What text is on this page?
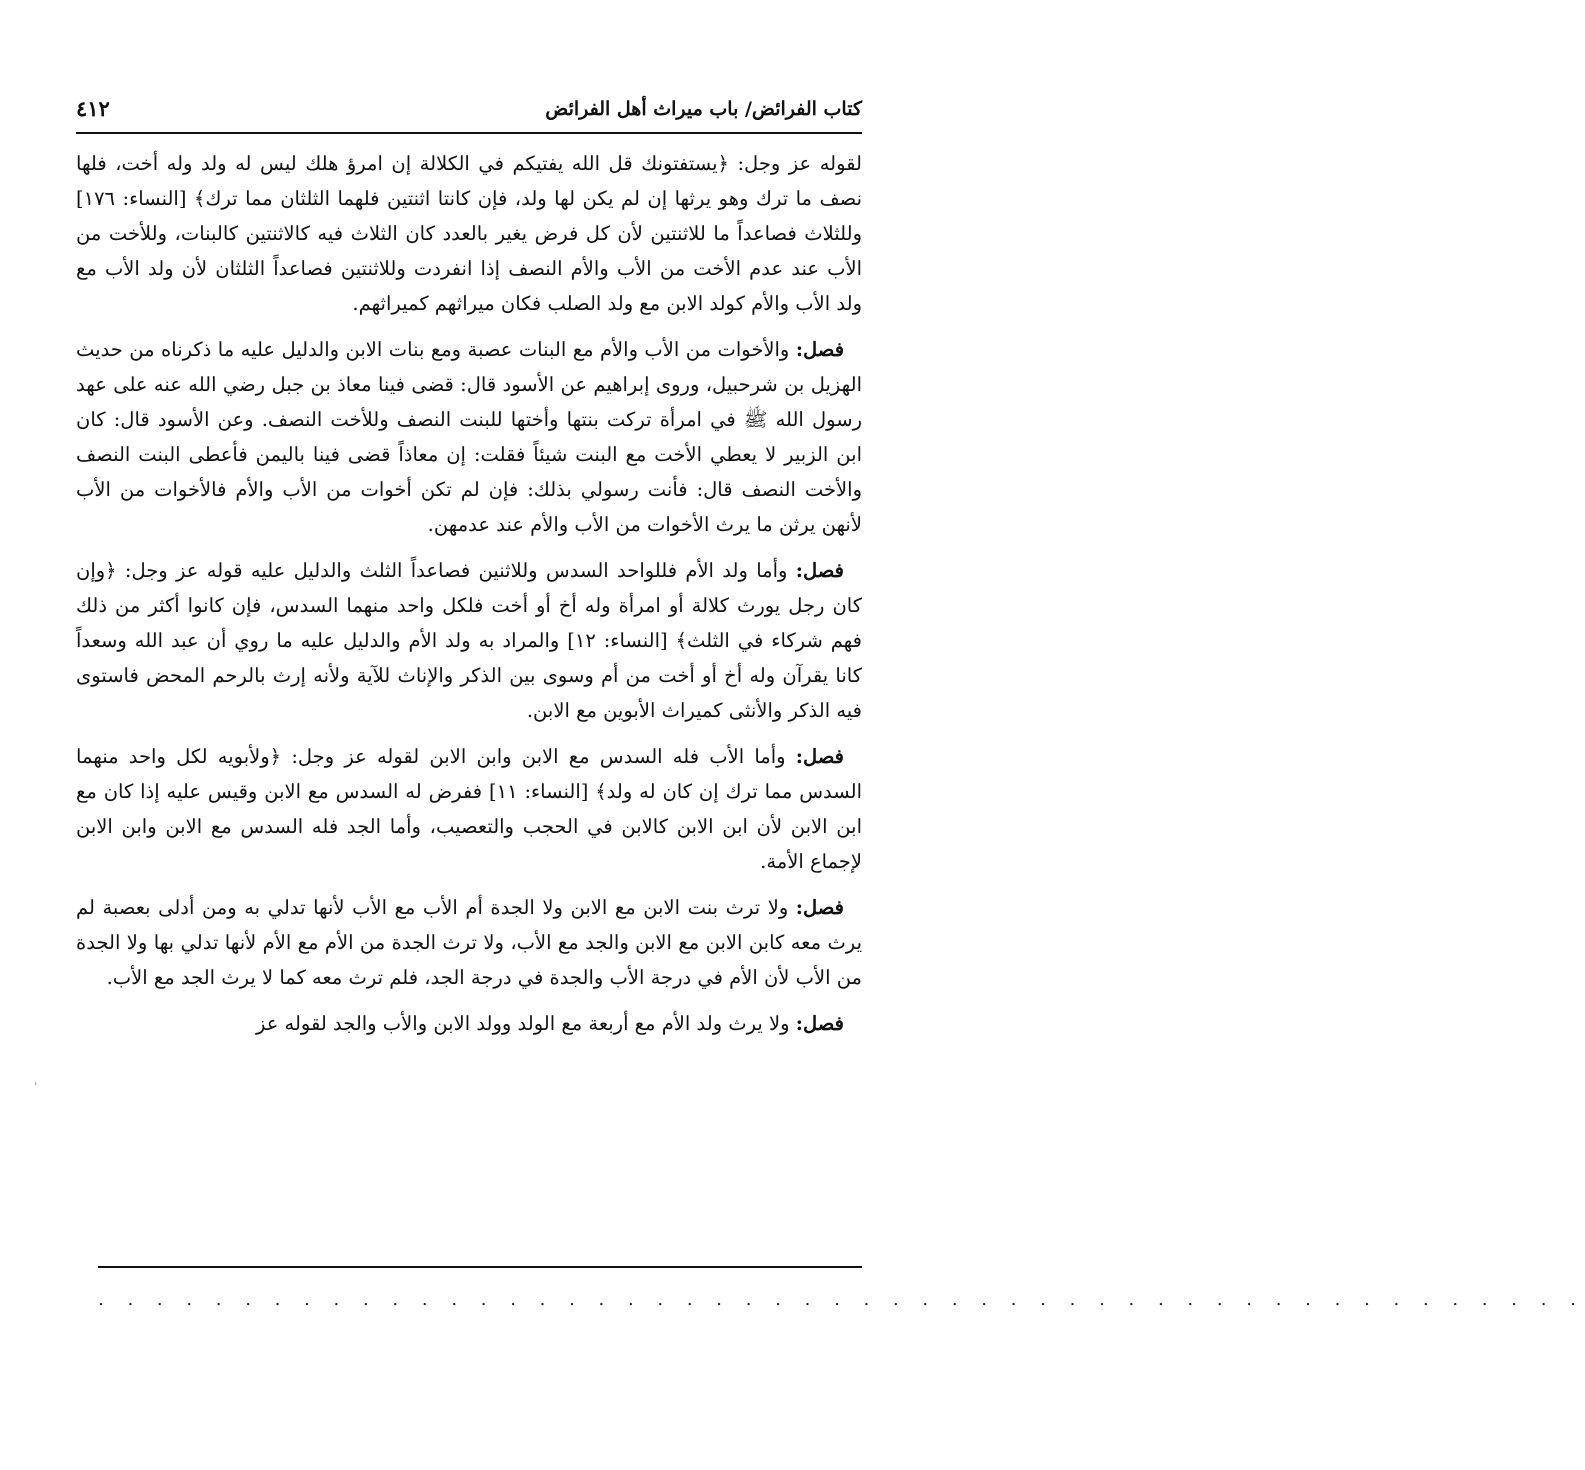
كتاب الفرائض/ باب ميراث أهل الفرائض
٤١٢

لقوله عز وجل: ﴿يستفتونك قل الله يفتيكم في الكلالة إن امرؤ هلك ليس له ولد وله أخت، فلها نصف ما ترك وهو يرثها إن لم يكن لها ولد، فإن كانتا اثنتين فلهما الثلثان مما ترك﴾ [النساء: ١٧٦] وللثلاث فصاعداً ما للاثنتين لأن كل فرض يغير بالعدد كان الثلاث فيه كالاثنتين كالبنات، وللأخت من الأب عند عدم الأخت من الأب والأم النصف إذا انفردت وللاثنتين فصاعداً الثلثان لأن ولد الأب مع ولد الأب والأم كولد الابن مع ولد الصلب فكان ميراثهم كميراثهم.

فصل: والأخوات من الأب والأم مع البنات عصبة ومع بنات الابن والدليل عليه ما ذكرناه من حديث الهزيل بن شرحبيل، وروى إبراهيم عن الأسود قال: قضى فينا معاذ بن جبل رضي الله عنه على عهد رسول الله ﷺ في امرأة تركت بنتها وأختها للبنت النصف وللأخت النصف. وعن الأسود قال: كان ابن الزبير لا يعطي الأخت مع البنت شيئاً فقلت: إن معاذاً قضى فينا باليمن فأعطى البنت النصف والأخت النصف قال: فأنت رسولي بذلك: فإن لم تكن أخوات من الأب والأم فالأخوات من الأب لأنهن يرثن ما يرث الأخوات من الأب والأم عند عدمهن.

فصل: وأما ولد الأم فللواحد السدس وللاثنين فصاعداً الثلث والدليل عليه قوله عز وجل: ﴿وإن كان رجل يورث كلالة أو امرأة وله أخ أو أخت فلكل واحد منهما السدس، فإن كانوا أكثر من ذلك فهم شركاء في الثلث﴾ [النساء: ١٢] والمراد به ولد الأم والدليل عليه ما روي أن عبد الله وسعداً كانا يقرآن وله أخ أو أخت من أم وسوى بين الذكر والإناث للآية ولأنه إرث بالرحم المحض فاستوى فيه الذكر والأنثى كميراث الأبوين مع الابن.

فصل: وأما الأب فله السدس مع الابن وابن الابن لقوله عز وجل: ﴿ولأبويه لكل واحد منهما السدس مما ترك إن كان له ولد﴾ [النساء: ١١] ففرض له السدس مع الابن وقيس عليه إذا كان مع ابن الابن لأن ابن الابن كالابن في الحجب والتعصيب، وأما الجد فله السدس مع الابن وابن الابن لإجماع الأمة.

فصل: ولا ترث بنت الابن مع الابن ولا الجدة أم الأب مع الأب لأنها تدلي به ومن أدلى بعصبة لم يرث معه كابن الابن مع الابن والجد مع الأب، ولا ترث الجدة من الأم مع الأم لأنها تدلي بها ولا الجدة من الأب لأن الأم في درجة الأب والجدة في درجة الجد، فلم ترث معه كما لا يرث الجد مع الأب.

فصل: ولا يرث ولد الأم مع أربعة مع الولد وولد الابن والأب والجد لقوله عز

. . . . . . . . . . . . . . . . . . . . . . . . . . . . . . . . . . . . . . . . . . . . . . . . . . .
'
